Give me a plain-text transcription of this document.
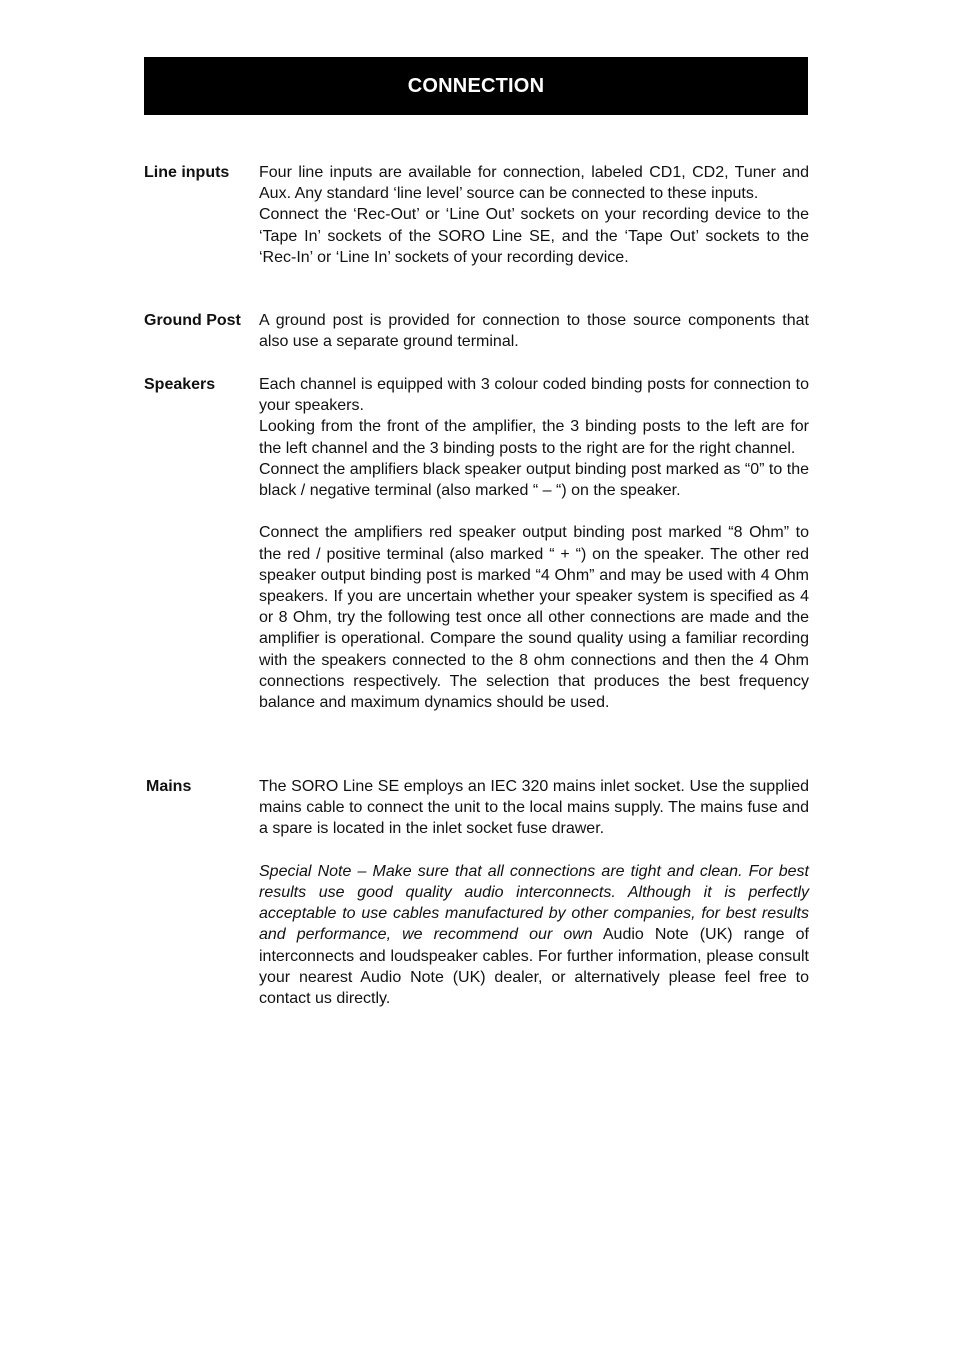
CONNECTION
Line inputs Four line inputs are available for connection, labeled CD1, CD2, Tuner and Aux. Any standard ‘line level’ source can be connected to these inputs.

Connect the ‘Rec-Out’ or ‘Line Out’ sockets on your recording device to the ‘Tape In’ sockets of the SORO Line SE, and the ‘Tape Out’ sockets to the ‘Rec-In’ or ‘Line In’ sockets of your recording device.

Ground Post A ground post is provided for connection to those source components that also use a separate ground terminal.

Speakers	Each channel is equipped with 3 colour coded binding posts for connection to your speakers.

Looking from the front of the amplifier, the 3 binding posts to the left are for the left channel and the 3 binding posts to the right are for the right channel.

Connect the amplifiers black speaker output binding post marked as “0” to the black / negative terminal (also marked “ – “) on the speaker.

Connect the amplifiers red speaker output binding post marked “8 Ohm” to the red / positive terminal (also marked “ + “) on the speaker. The other red speaker output binding post is marked “4 Ohm” and may be used with 4 Ohm speakers. If you are uncertain whether your speaker system is specified as 4 or 8 Ohm, try the following test once all other connections are made and the amplifier is operational. Compare the sound quality using a familiar recording with the speakers connected to the 8 ohm connections and then the 4 Ohm connections respectively. The selection that produces the best frequency balance and maximum dynamics should be used.

Mains	The SORO Line SE employs an IEC 320 mains inlet socket. Use the supplied mains cable to connect the unit to the local mains supply. The mains fuse and a spare is located in the inlet socket fuse drawer.

Special Note – Make sure that all connections are tight and clean. For best results use good quality audio interconnects. Although it is perfectly acceptable to use cables manufactured by other companies, for best results and performance, we recommend our own Audio Note (UK) range of interconnects and loudspeaker cables. For further information, please consult your nearest Audio Note (UK) dealer, or alternatively please feel free to contact us directly.
